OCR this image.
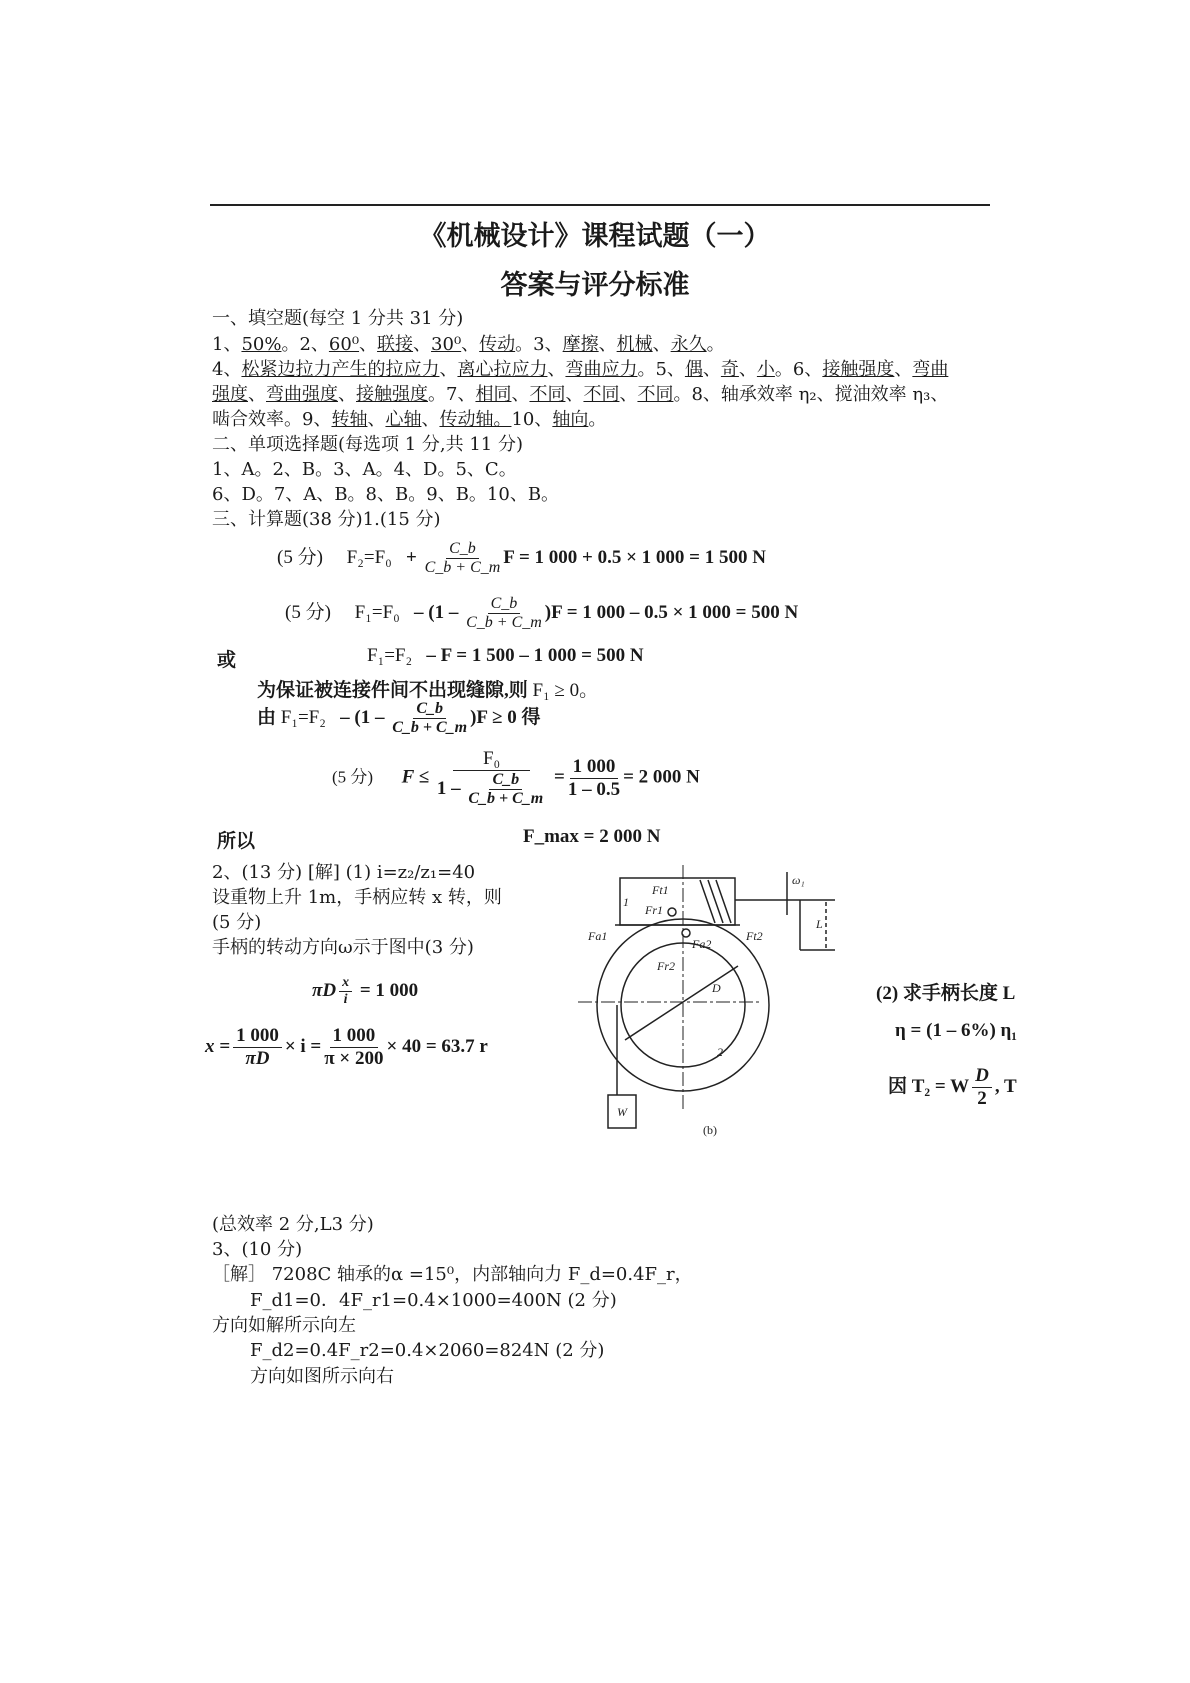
《机械设计》课程试题（一）
答案与评分标准
一、填空题(每空 1 分共 31 分)
1、50%。2、60⁰、联接、30⁰、传动。3、摩擦、机械、永久。
4、松紧边拉力产生的拉应力、离心拉应力、弯曲应力。5、偶、奇、小。6、接触强度、弯曲
强度、弯曲强度、接触强度。7、相同、不同、不同、不同。8、轴承效率 η₂、搅油效率 η₃、
啮合效率。9、转轴、心轴、传动轴。10、轴向。
二、单项选择题(每选项 1 分,共 11 分)
1、A。2、B。3、A。4、D。5、C。
6、D。7、A、B。8、B。9、B。10、B。
三、计算题(38 分)1.(15 分)
(5 分) $F_2=F_0 + \frac{C\_b}{C\_b + C\_m}$ F = 1 000 + 0.5 × 1 000 = 1 500 N
(5 分) $F_1=F_0 - (1 - \frac{C\_b}{C\_b + C\_m} )F = 1$ 000 – 0.5 × 1 000 = 500 N
或	F₁=F₂ – F = 1 500 – 1 000 = 500 N
为保证被连接件间不出现缝隙,则 F₁ ≥ 0。
由 $F_1=F_2 - (1 - \frac{C\_b}{C\_b + C\_m} )F \ge 0$ 得
(5 分) $F \le \frac{\text{F₀}}{1 - \frac{C\_b}{C\_b + C\_m}} = \frac{1 000}{1 - 0.5} = 2$ 000 N
所以	F_max = 2 000 N
2、(13 分) [解] (1) i=z₂/z₁=40
设重物上升 1m，手柄应转 x 转，则
(5 分)
手柄的转动方向ω示于图中(3 分)
πD $\frac{x}{i} = 1$ 000
$x = \frac{1 000}{\pi D} \times i = \frac{1 000}{\pi \times 200} \times 40 = 63.7$ r
Ft1
Fr1
Fa1	Ft2
Fa2
Fr2
D
1
2
W
L
ω₁
(b)
(2) 求手柄长度 L
η = (1 – 6%) η₁
因 T₂ = W $\frac{D}{2}$ , T
(总效率 2 分,L3 分)
3、(10 分)
［解］ 7208C 轴承的α =15⁰，内部轴向力 F_d=0.4F_r，
F_d1=0．4F_r1=0.4×1000=400N (2 分)
方向如解所示向左
F_d2=0.4F_r2=0.4×2060=824N (2 分)
方向如图所示向右
